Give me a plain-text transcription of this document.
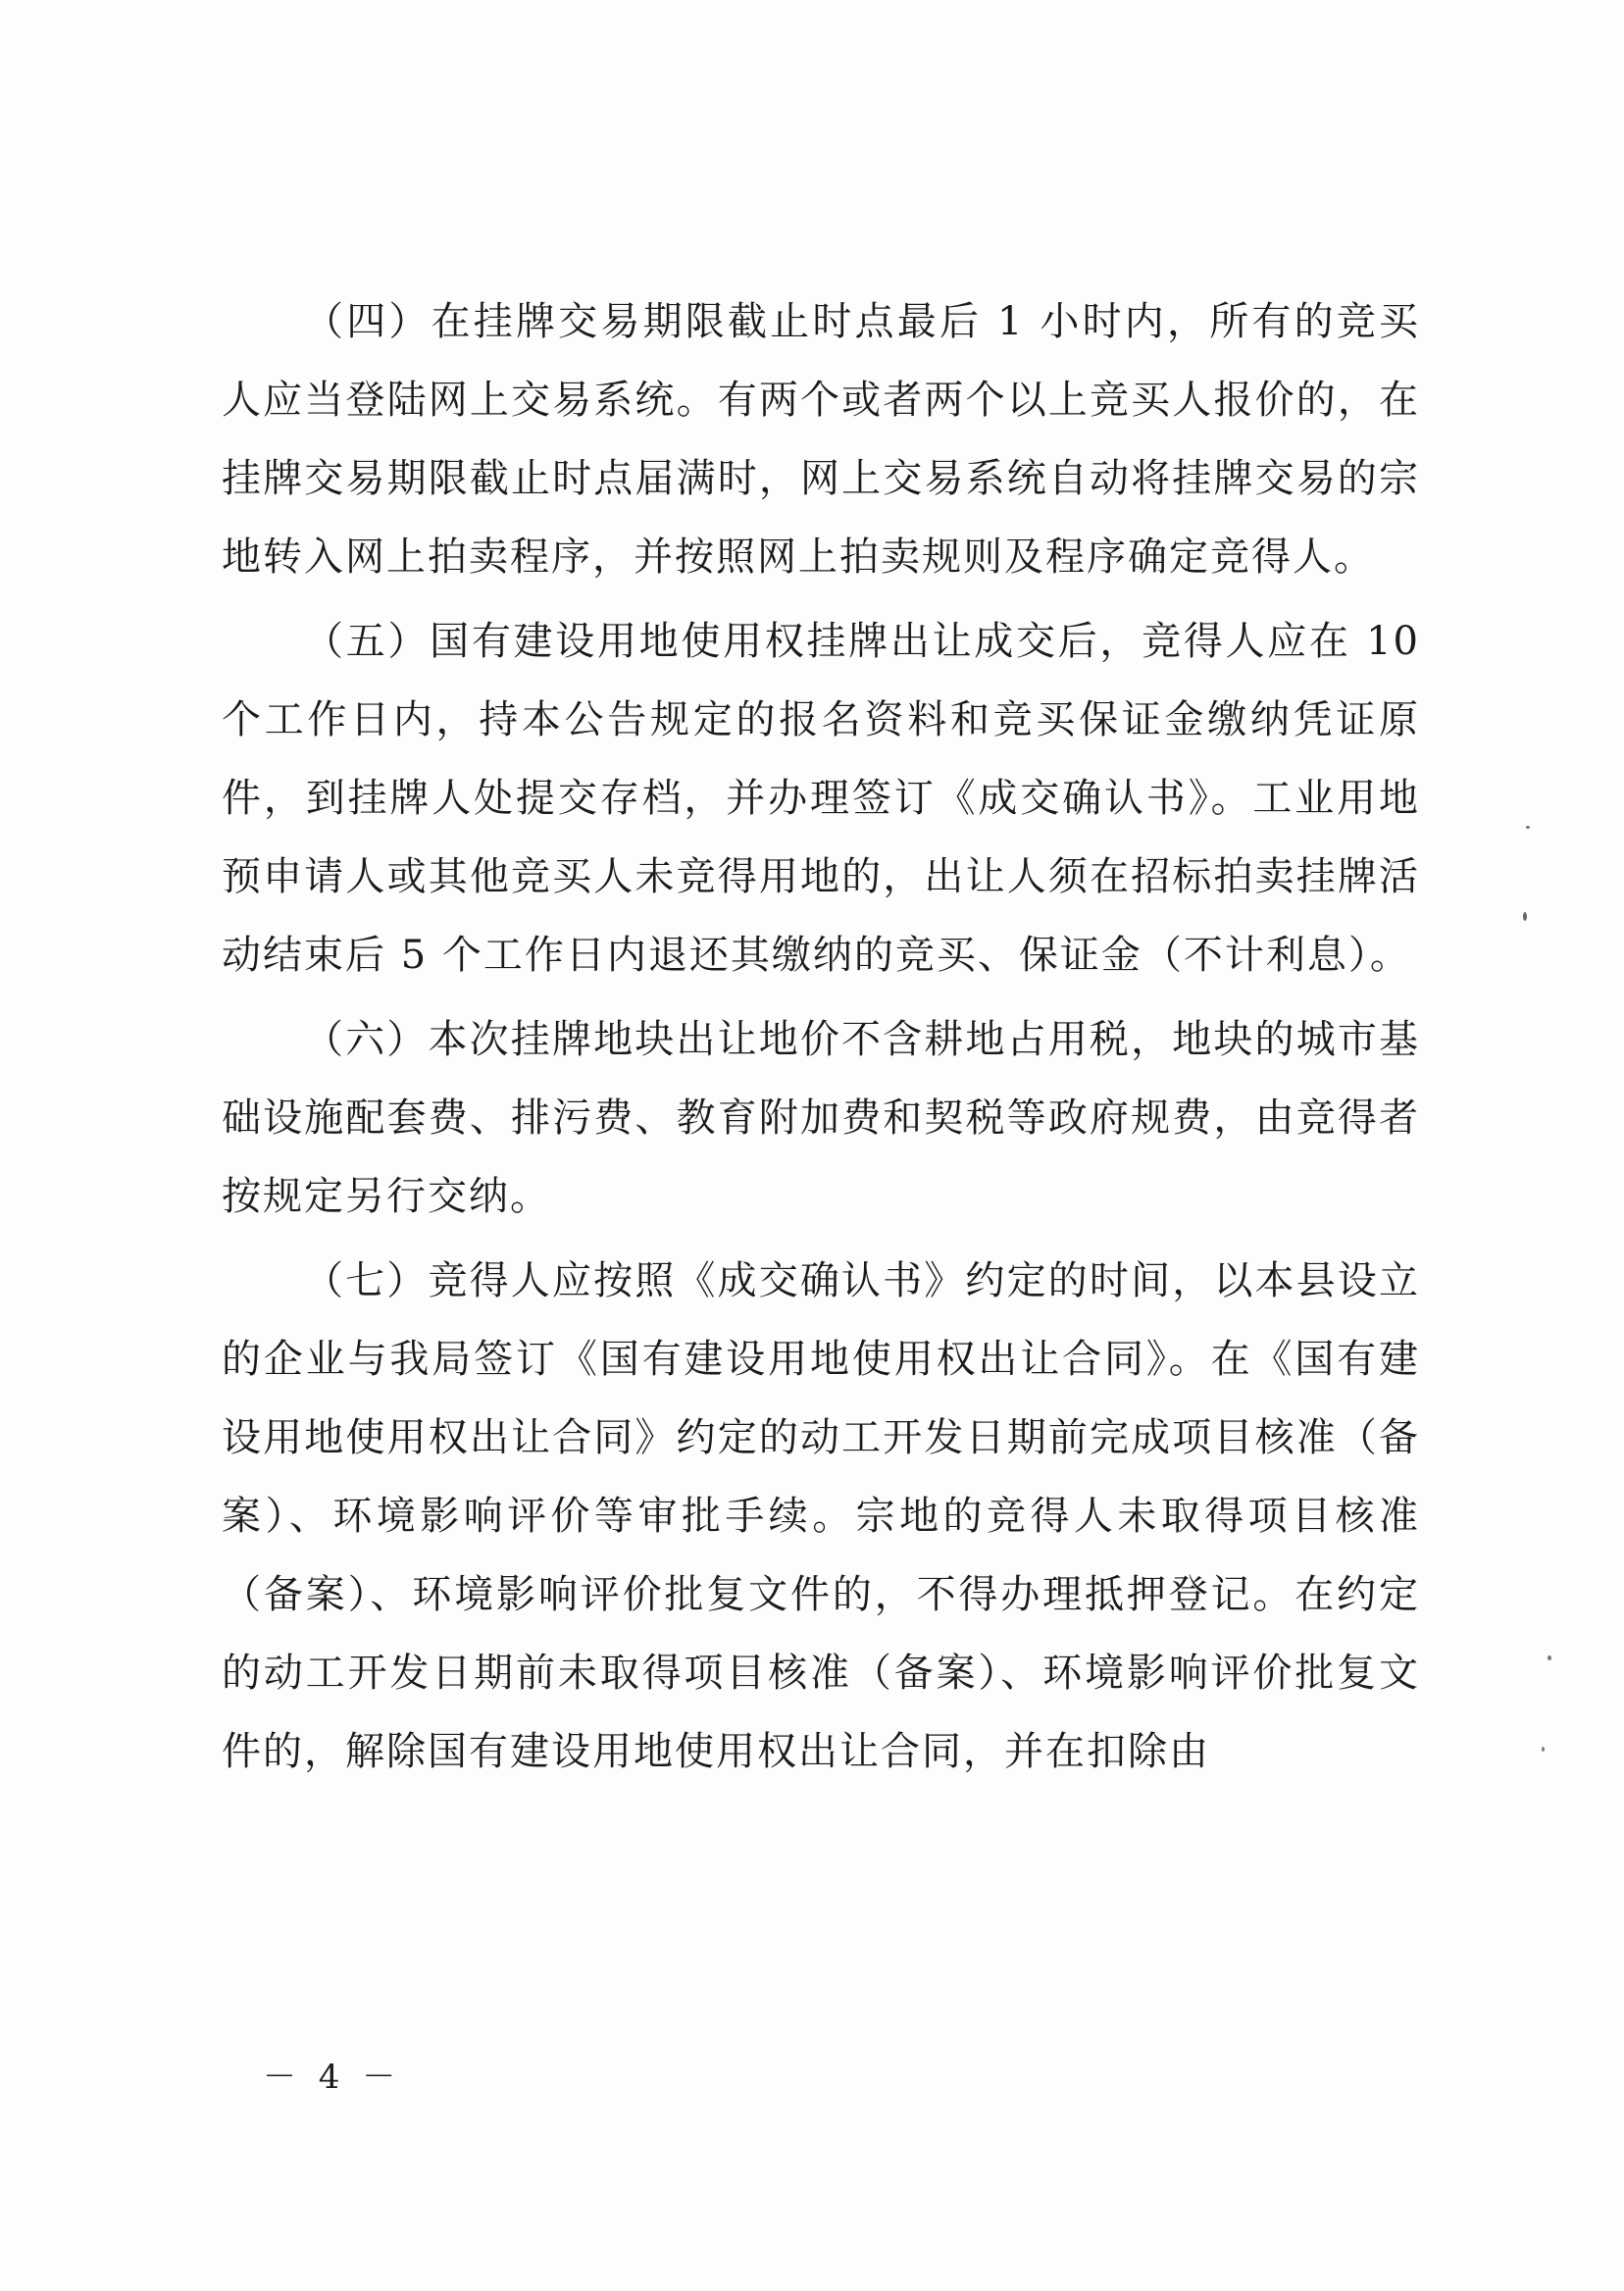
（四）在挂牌交易期限截止时点最后 1 小时内，所有的竞买人应当登陆网上交易系统。有两个或者两个以上竞买人报价的，在挂牌交易期限截止时点届满时，网上交易系统自动将挂牌交易的宗地转入网上拍卖程序，并按照网上拍卖规则及程序确定竞得人。

（五）国有建设用地使用权挂牌出让成交后，竞得人应在 10 个工作日内，持本公告规定的报名资料和竞买保证金缴纳凭证原件，到挂牌人处提交存档，并办理签订《成交确认书》。工业用地预申请人或其他竞买人未竞得用地的，出让人须在招标拍卖挂牌活动结束后 5 个工作日内退还其缴纳的竞买、保证金（不计利息）。

（六）本次挂牌地块出让地价不含耕地占用税，地块的城市基础设施配套费、排污费、教育附加费和契税等政府规费，由竞得者按规定另行交纳。

（七）竞得人应按照《成交确认书》约定的时间，以本县设立的企业与我局签订《国有建设用地使用权出让合同》。在《国有建设用地使用权出让合同》约定的动工开发日期前完成项目核准（备案）、环境影响评价等审批手续。宗地的竞得人未取得项目核准（备案）、环境影响评价批复文件的，不得办理抵押登记。在约定的动工开发日期前未取得项目核准（备案）、环境影响评价批复文件的，解除国有建设用地使用权出让合同，并在扣除由

－ 4 －
